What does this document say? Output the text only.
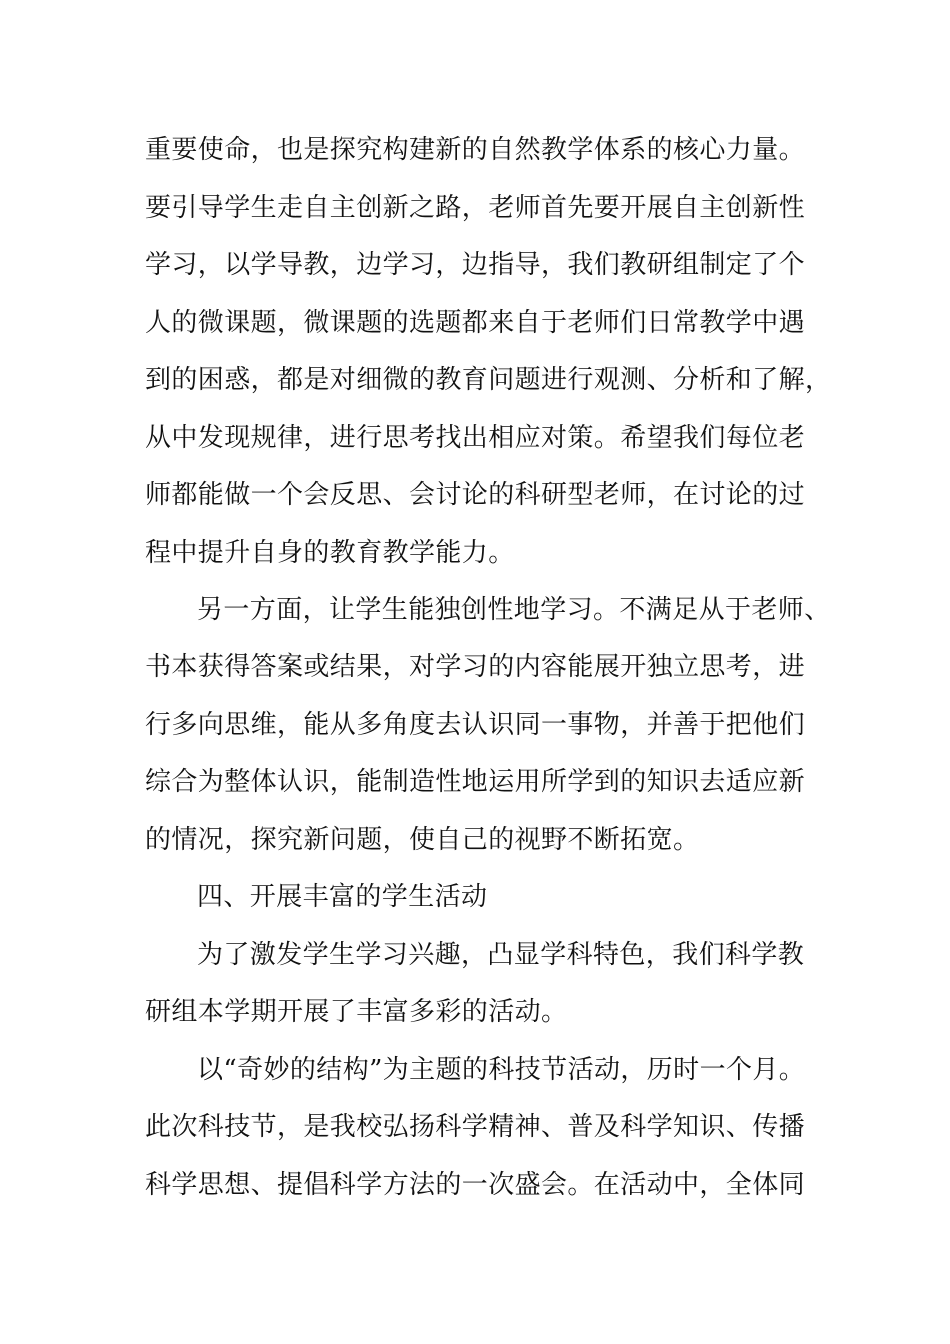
重要使命，也是探究构建新的自然教学体系的核心力量。
要引导学生走自主创新之路，老师首先要开展自主创新性
学习，以学导教，边学习，边指导，我们教研组制定了个
人的微课题，微课题的选题都来自于老师们日常教学中遇
到的困惑，都是对细微的教育问题进行观测、分析和了解，
从中发现规律，进行思考找出相应对策。希望我们每位老
师都能做一个会反思、会讨论的科研型老师，在讨论的过
程中提升自身的教育教学能力。
另一方面，让学生能独创性地学习。不满足从于老师、
书本获得答案或结果，对学习的内容能展开独立思考，进
行多向思维，能从多角度去认识同一事物，并善于把他们
综合为整体认识，能制造性地运用所学到的知识去适应新
的情况，探究新问题，使自己的视野不断拓宽。
四、开展丰富的学生活动
为了激发学生学习兴趣，凸显学科特色，我们科学教
研组本学期开展了丰富多彩的活动。
以“奇妙的结构”为主题的科技节活动，历时一个月。
此次科技节，是我校弘扬科学精神、普及科学知识、传播
科学思想、提倡科学方法的一次盛会。在活动中，全体同
